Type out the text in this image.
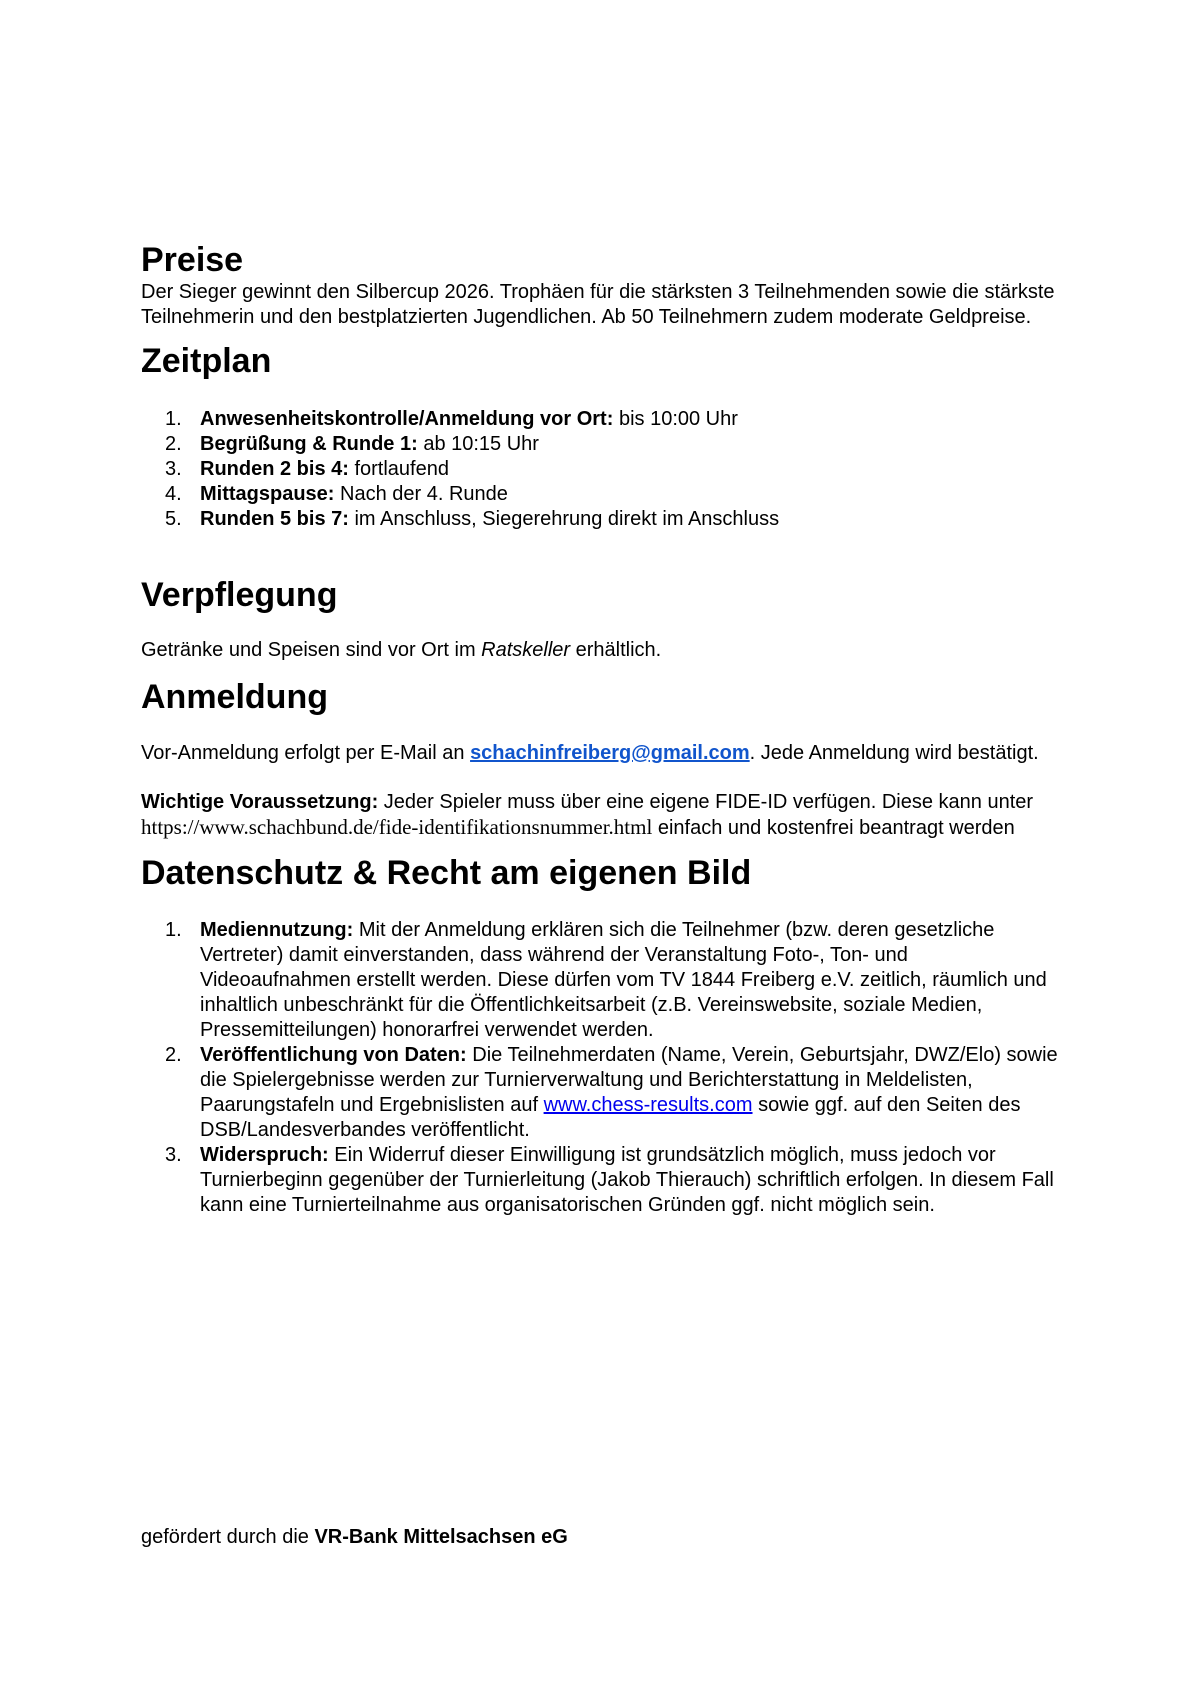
Preise

Der Sieger gewinnt den Silbercup 2026. Trophäen für die stärksten 3 Teilnehmenden sowie die stärkste Teilnehmerin und den bestplatzierten Jugendlichen. Ab 50 Teilnehmern zudem moderate Geldpreise.

Zeitplan
1. Anwesenheitskontrolle/Anmeldung vor Ort: bis 10:00 Uhr
2. Begrüßung & Runde 1: ab 10:15 Uhr
3. Runden 2 bis 4: fortlaufend
4. Mittagspause: Nach der 4. Runde
5. Runden 5 bis 7: im Anschluss, Siegerehrung direkt im Anschluss
Verpflegung

Getränke und Speisen sind vor Ort im Ratskeller erhältlich.

Anmeldung

Vor-Anmeldung erfolgt per E-Mail an schachinfreiberg@gmail.com. Jede Anmeldung wird bestätigt.

Wichtige Voraussetzung: Jeder Spieler muss über eine eigene FIDE-ID verfügen. Diese kann unter https://www.schachbund.de/fide-identifikationsnummer.html einfach und kostenfrei beantragt werden

Datenschutz & Recht am eigenen Bild
1. Mediennutzung: Mit der Anmeldung erklären sich die Teilnehmer (bzw. deren gesetzliche Vertreter) damit einverstanden, dass während der Veranstaltung Foto-, Ton- und Videoaufnahmen erstellt werden. Diese dürfen vom TV 1844 Freiberg e.V. zeitlich, räumlich und inhaltlich unbeschränkt für die Öffentlichkeitsarbeit (z.B. Vereinswebsite, soziale Medien, Pressemitteilungen) honorarfrei verwendet werden.
2. Veröffentlichung von Daten: Die Teilnehmerdaten (Name, Verein, Geburtsjahr, DWZ/Elo) sowie die Spielergebnisse werden zur Turnierverwaltung und Berichterstattung in Meldelisten, Paarungstafeln und Ergebnislisten auf www.chess-results.com sowie ggf. auf den Seiten des DSB/Landesverbandes veröffentlicht.
3. Widerspruch: Ein Widerruf dieser Einwilligung ist grundsätzlich möglich, muss jedoch vor Turnierbeginn gegenüber der Turnierleitung (Jakob Thierauch) schriftlich erfolgen. In diesem Fall kann eine Turnierteilnahme aus organisatorischen Gründen ggf. nicht möglich sein.
gefördert durch die VR-Bank Mittelsachsen eG
